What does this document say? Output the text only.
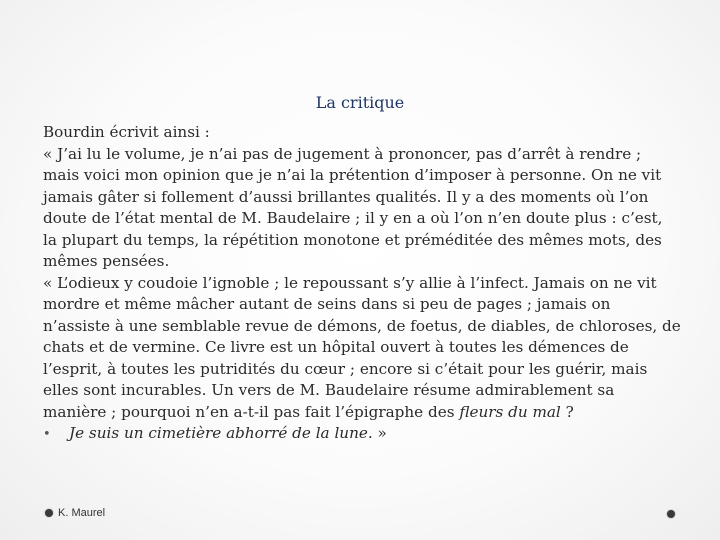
La critique

Bourdin écrivit ainsi :

« J’ai lu le volume, je n’ai pas de jugement à prononcer, pas d’arrêt à rendre ; mais voici mon opinion que je n’ai la prétention d’imposer à personne. On ne vit jamais gâter si follement d’aussi brillantes qualités. Il y a des moments où l’on doute de l’état mental de M. Baudelaire ; il y en a où l’on n’en doute plus : c’est, la plupart du temps, la répétition monotone et préméditée des mêmes mots, des mêmes pensées.

« L’odieux y coudoie l’ignoble ; le repoussant s’y allie à l’infect. Jamais on ne vit mordre et même mâcher autant de seins dans si peu de pages ; jamais on n’assiste à une semblable revue de démons, de foetus, de diables, de chloroses, de chats et de vermine. Ce livre est un hôpital ouvert à toutes les démences de l’esprit, à toutes les putridités du cœur ; encore si c’était pour les guérir, mais elles sont incurables. Un vers de M. Baudelaire résume admirablement sa manière ; pourquoi n’en a-t-il pas fait l’épigraphe des fleurs du mal ?

•	Je suis un cimetière abhorré de la lune. »
K. Maurel
